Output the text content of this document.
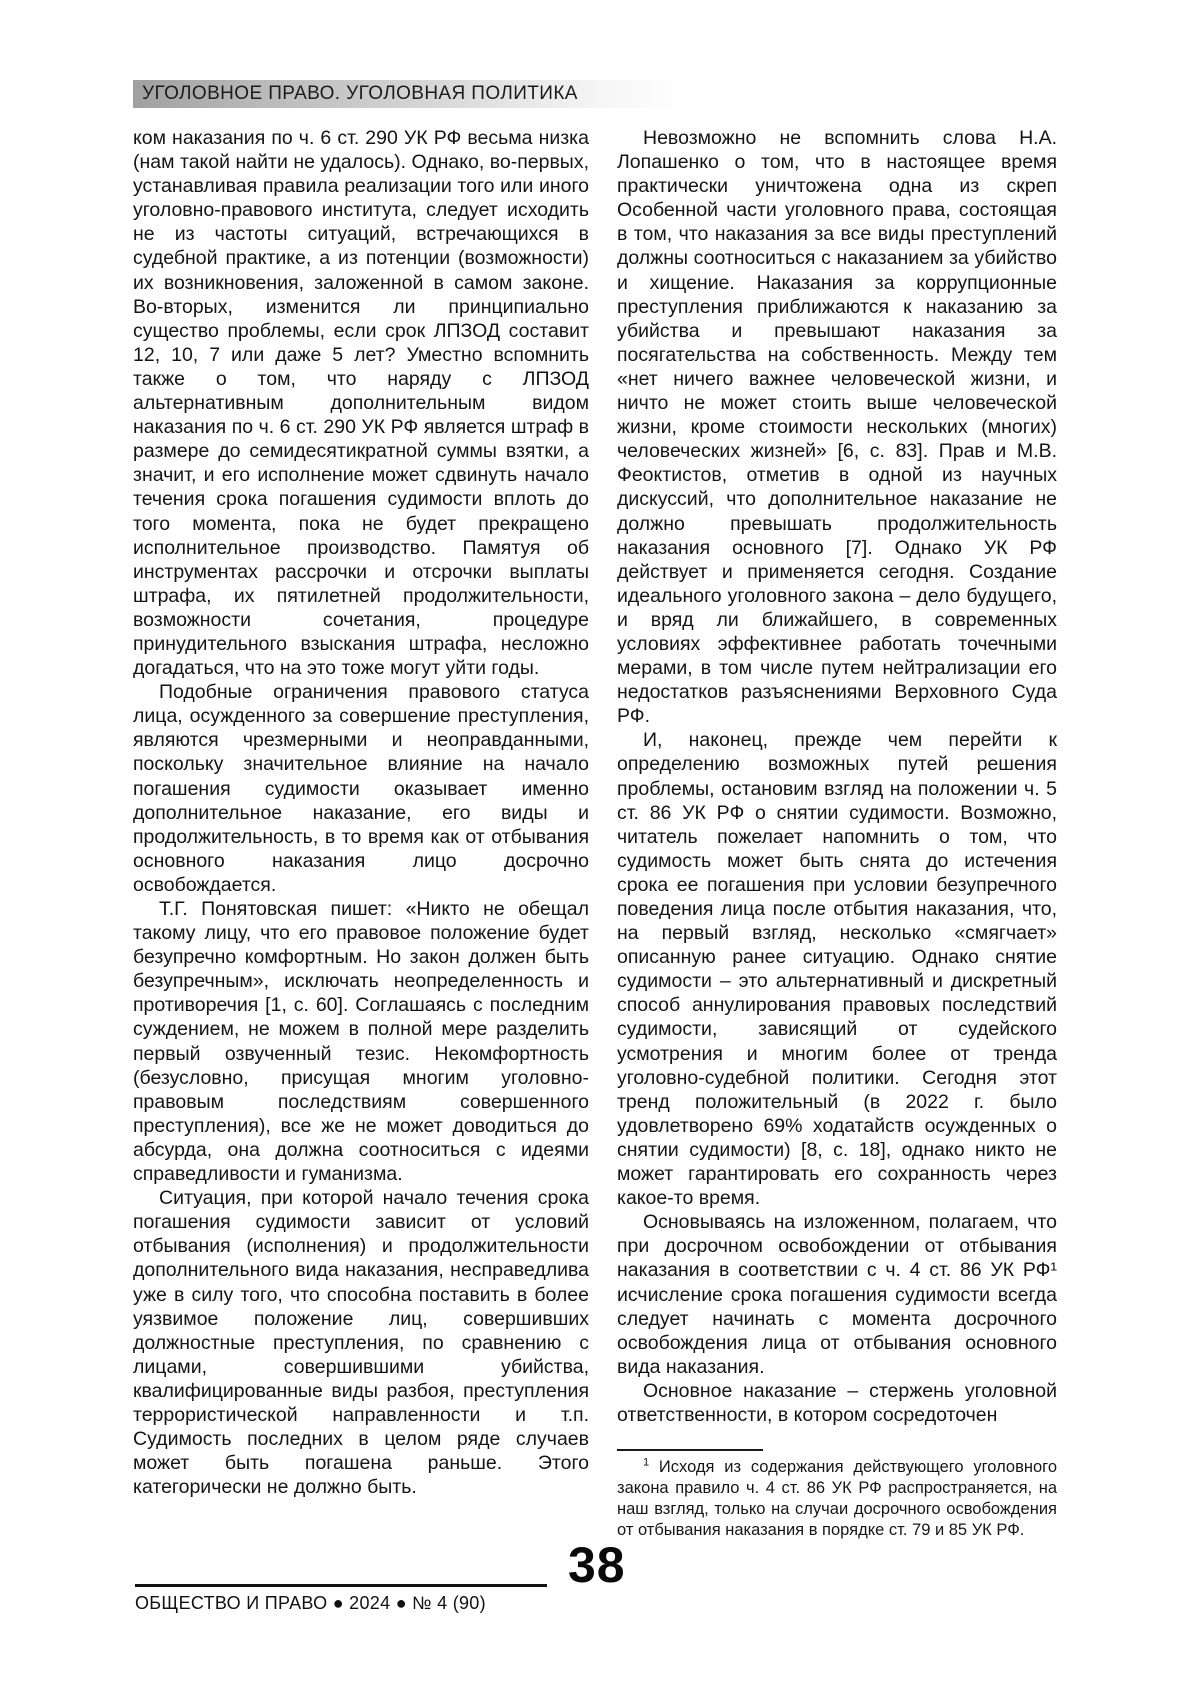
УГОЛОВНОЕ ПРАВО. УГОЛОВНАЯ ПОЛИТИКА

ком наказания по ч. 6 ст. 290 УК РФ весьма низка (нам такой найти не удалось). Однако, во-первых, устанавливая правила реализации того или иного уголовно-правового института, следует исходить не из частоты ситуаций, встречающихся в судебной практике, а из потенции (возможности) их возникновения, заложенной в самом законе. Во-вторых, изменится ли принципиально существо проблемы, если срок ЛПЗОД составит 12, 10, 7 или даже 5 лет? Уместно вспомнить также о том, что наряду с ЛПЗОД альтернативным дополнительным видом наказания по ч. 6 ст. 290 УК РФ является штраф в размере до семидесятикратной суммы взятки, а значит, и его исполнение может сдвинуть начало течения срока погашения судимости вплоть до того момента, пока не будет прекращено исполнительное производство. Памятуя об инструментах рассрочки и отсрочки выплаты штрафа, их пятилетней продолжительности, возможности сочетания, процедуре принудительного взыскания штрафа, несложно догадаться, что на это тоже могут уйти годы.

Подобные ограничения правового статуса лица, осужденного за совершение преступления, являются чрезмерными и неоправданными, поскольку значительное влияние на начало погашения судимости оказывает именно дополнительное наказание, его виды и продолжительность, в то время как от отбывания основного наказания лицо досрочно освобождается.

Т.Г. Понятовская пишет: «Никто не обещал такому лицу, что его правовое положение будет безупречно комфортным. Но закон должен быть безупречным», исключать неопределенность и противоречия [1, с. 60]. Соглашаясь с последним суждением, не можем в полной мере разделить первый озвученный тезис. Некомфортность (безусловно, присущая многим уголовно-правовым последствиям совершенного преступления), все же не может доводиться до абсурда, она должна соотноситься с идеями справедливости и гуманизма.

Ситуация, при которой начало течения срока погашения судимости зависит от условий отбывания (исполнения) и продолжительности дополнительного вида наказания, несправедлива уже в силу того, что способна поставить в более уязвимое положение лиц, совершивших должностные преступления, по сравнению с лицами, совершившими убийства, квалифицированные виды разбоя, преступления террористической направленности и т.п. Судимость последних в целом ряде случаев может быть погашена раньше. Этого категорически не должно быть.

Невозможно не вспомнить слова Н.А. Лопашенко о том, что в настоящее время практически уничтожена одна из скреп Особенной части уголовного права, состоящая в том, что наказания за все виды преступлений должны соотноситься с наказанием за убийство и хищение. Наказания за коррупционные преступления приближаются к наказанию за убийства и превышают наказания за посягательства на собственность. Между тем «нет ничего важнее человеческой жизни, и ничто не может стоить выше человеческой жизни, кроме стоимости нескольких (многих) человеческих жизней» [6, с. 83]. Прав и М.В. Феоктистов, отметив в одной из научных дискуссий, что дополнительное наказание не должно превышать продолжительность наказания основного [7]. Однако УК РФ действует и применяется сегодня. Создание идеального уголовного закона – дело будущего, и вряд ли ближайшего, в современных условиях эффективнее работать точечными мерами, в том числе путем нейтрализации его недостатков разъяснениями Верховного Суда РФ.

И, наконец, прежде чем перейти к определению возможных путей решения проблемы, остановим взгляд на положении ч. 5 ст. 86 УК РФ о снятии судимости. Возможно, читатель пожелает напомнить о том, что судимость может быть снята до истечения срока ее погашения при условии безупречного поведения лица после отбытия наказания, что, на первый взгляд, несколько «смягчает» описанную ранее ситуацию. Однако снятие судимости – это альтернативный и дискретный способ аннулирования правовых последствий судимости, зависящий от судейского усмотрения и многим более от тренда уголовно-судебной политики. Сегодня этот тренд положительный (в 2022 г. было удовлетворено 69% ходатайств осужденных о снятии судимости) [8, с. 18], однако никто не может гарантировать его сохранность через какое-то время.

Основываясь на изложенном, полагаем, что при досрочном освобождении от отбывания наказания в соответствии с ч. 4 ст. 86 УК РФ¹ исчисление срока погашения судимости всегда следует начинать с момента досрочного освобождения лица от отбывания основного вида наказания.

Основное наказание – стержень уголовной ответственности, в котором сосредоточен

$^1$ Исходя из содержания действующего уголовного закона правило ч. 4 ст. 86 УК РФ распространяется, на наш взгляд, только на случаи досрочного освобождения от отбывания наказания в порядке ст. 79 и 85 УК РФ.

38
ОБЩЕСТВО И ПРАВО ● 2024 ● № 4 (90)
